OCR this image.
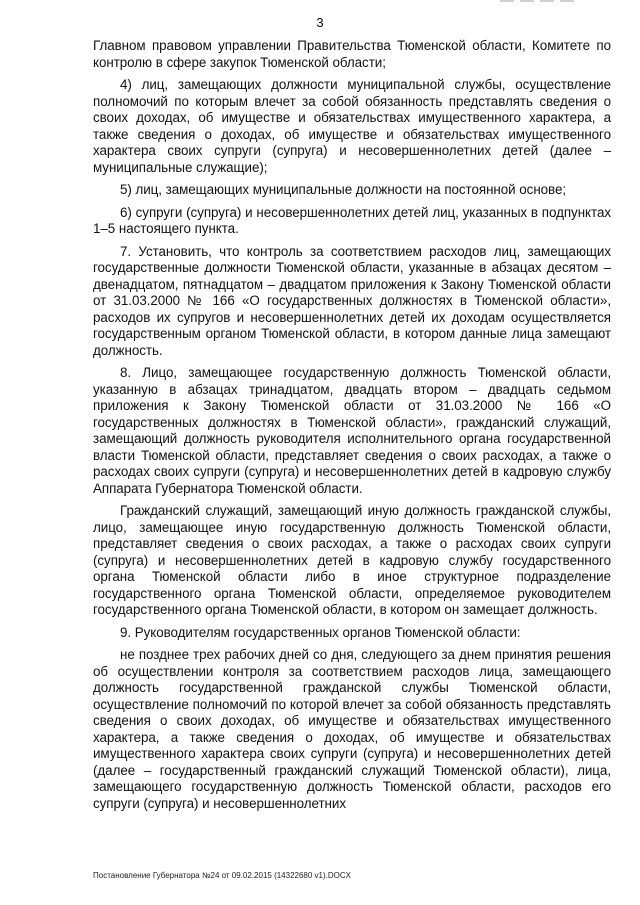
3

Главном правовом управлении Правительства Тюменской области, Комитете по контролю в сфере закупок Тюменской области;

4) лиц, замещающих должности муниципальной службы, осуществление полномочий по которым влечет за собой обязанность представлять сведения о своих доходах, об имуществе и обязательствах имущественного характера, а также сведения о доходах, об имуществе и обязательствах имущественного характера своих супруги (супруга) и несовершеннолетних детей (далее – муниципальные служащие);

5) лиц, замещающих муниципальные должности на постоянной основе;

6) супруги (супруга) и несовершеннолетних детей лиц, указанных в подпунктах 1–5 настоящего пункта.

7. Установить, что контроль за соответствием расходов лиц, замещающих государственные должности Тюменской области, указанные в абзацах десятом – двенадцатом, пятнадцатом – двадцатом приложения к Закону Тюменской области от 31.03.2000 № 166 «О государственных должностях в Тюменской области», расходов их супругов и несовершеннолетних детей их доходам осуществляется государственным органом Тюменской области, в котором данные лица замещают должность.

8. Лицо, замещающее государственную должность Тюменской области, указанную в абзацах тринадцатом, двадцать втором – двадцать седьмом приложения к Закону Тюменской области от 31.03.2000 № 166 «О государственных должностях в Тюменской области», гражданский служащий, замещающий должность руководителя исполнительного органа государственной власти Тюменской области, представляет сведения о своих расходах, а также о расходах своих супруги (супруга) и несовершеннолетних детей в кадровую службу Аппарата Губернатора Тюменской области.

Гражданский служащий, замещающий иную должность гражданской службы, лицо, замещающее иную государственную должность Тюменской области, представляет сведения о своих расходах, а также о расходах своих супруги (супруга) и несовершеннолетних детей в кадровую службу государственного органа Тюменской области либо в иное структурное подразделение государственного органа Тюменской области, определяемое руководителем государственного органа Тюменской области, в котором он замещает должность.

9. Руководителям государственных органов Тюменской области:

не позднее трех рабочих дней со дня, следующего за днем принятия решения об осуществлении контроля за соответствием расходов лица, замещающего должность государственной гражданской службы Тюменской области, осуществление полномочий по которой влечет за собой обязанность представлять сведения о своих доходах, об имуществе и обязательствах имущественного характера, а также сведения о доходах, об имуществе и обязательствах имущественного характера своих супруги (супруга) и несовершеннолетних детей (далее – государственный гражданский служащий Тюменской области), лица, замещающего государственную должность Тюменской области, расходов его супруги (супруга) и несовершеннолетних

Постановление Губернатора №24 от 09.02.2015 (14322680 v1).DOCX
